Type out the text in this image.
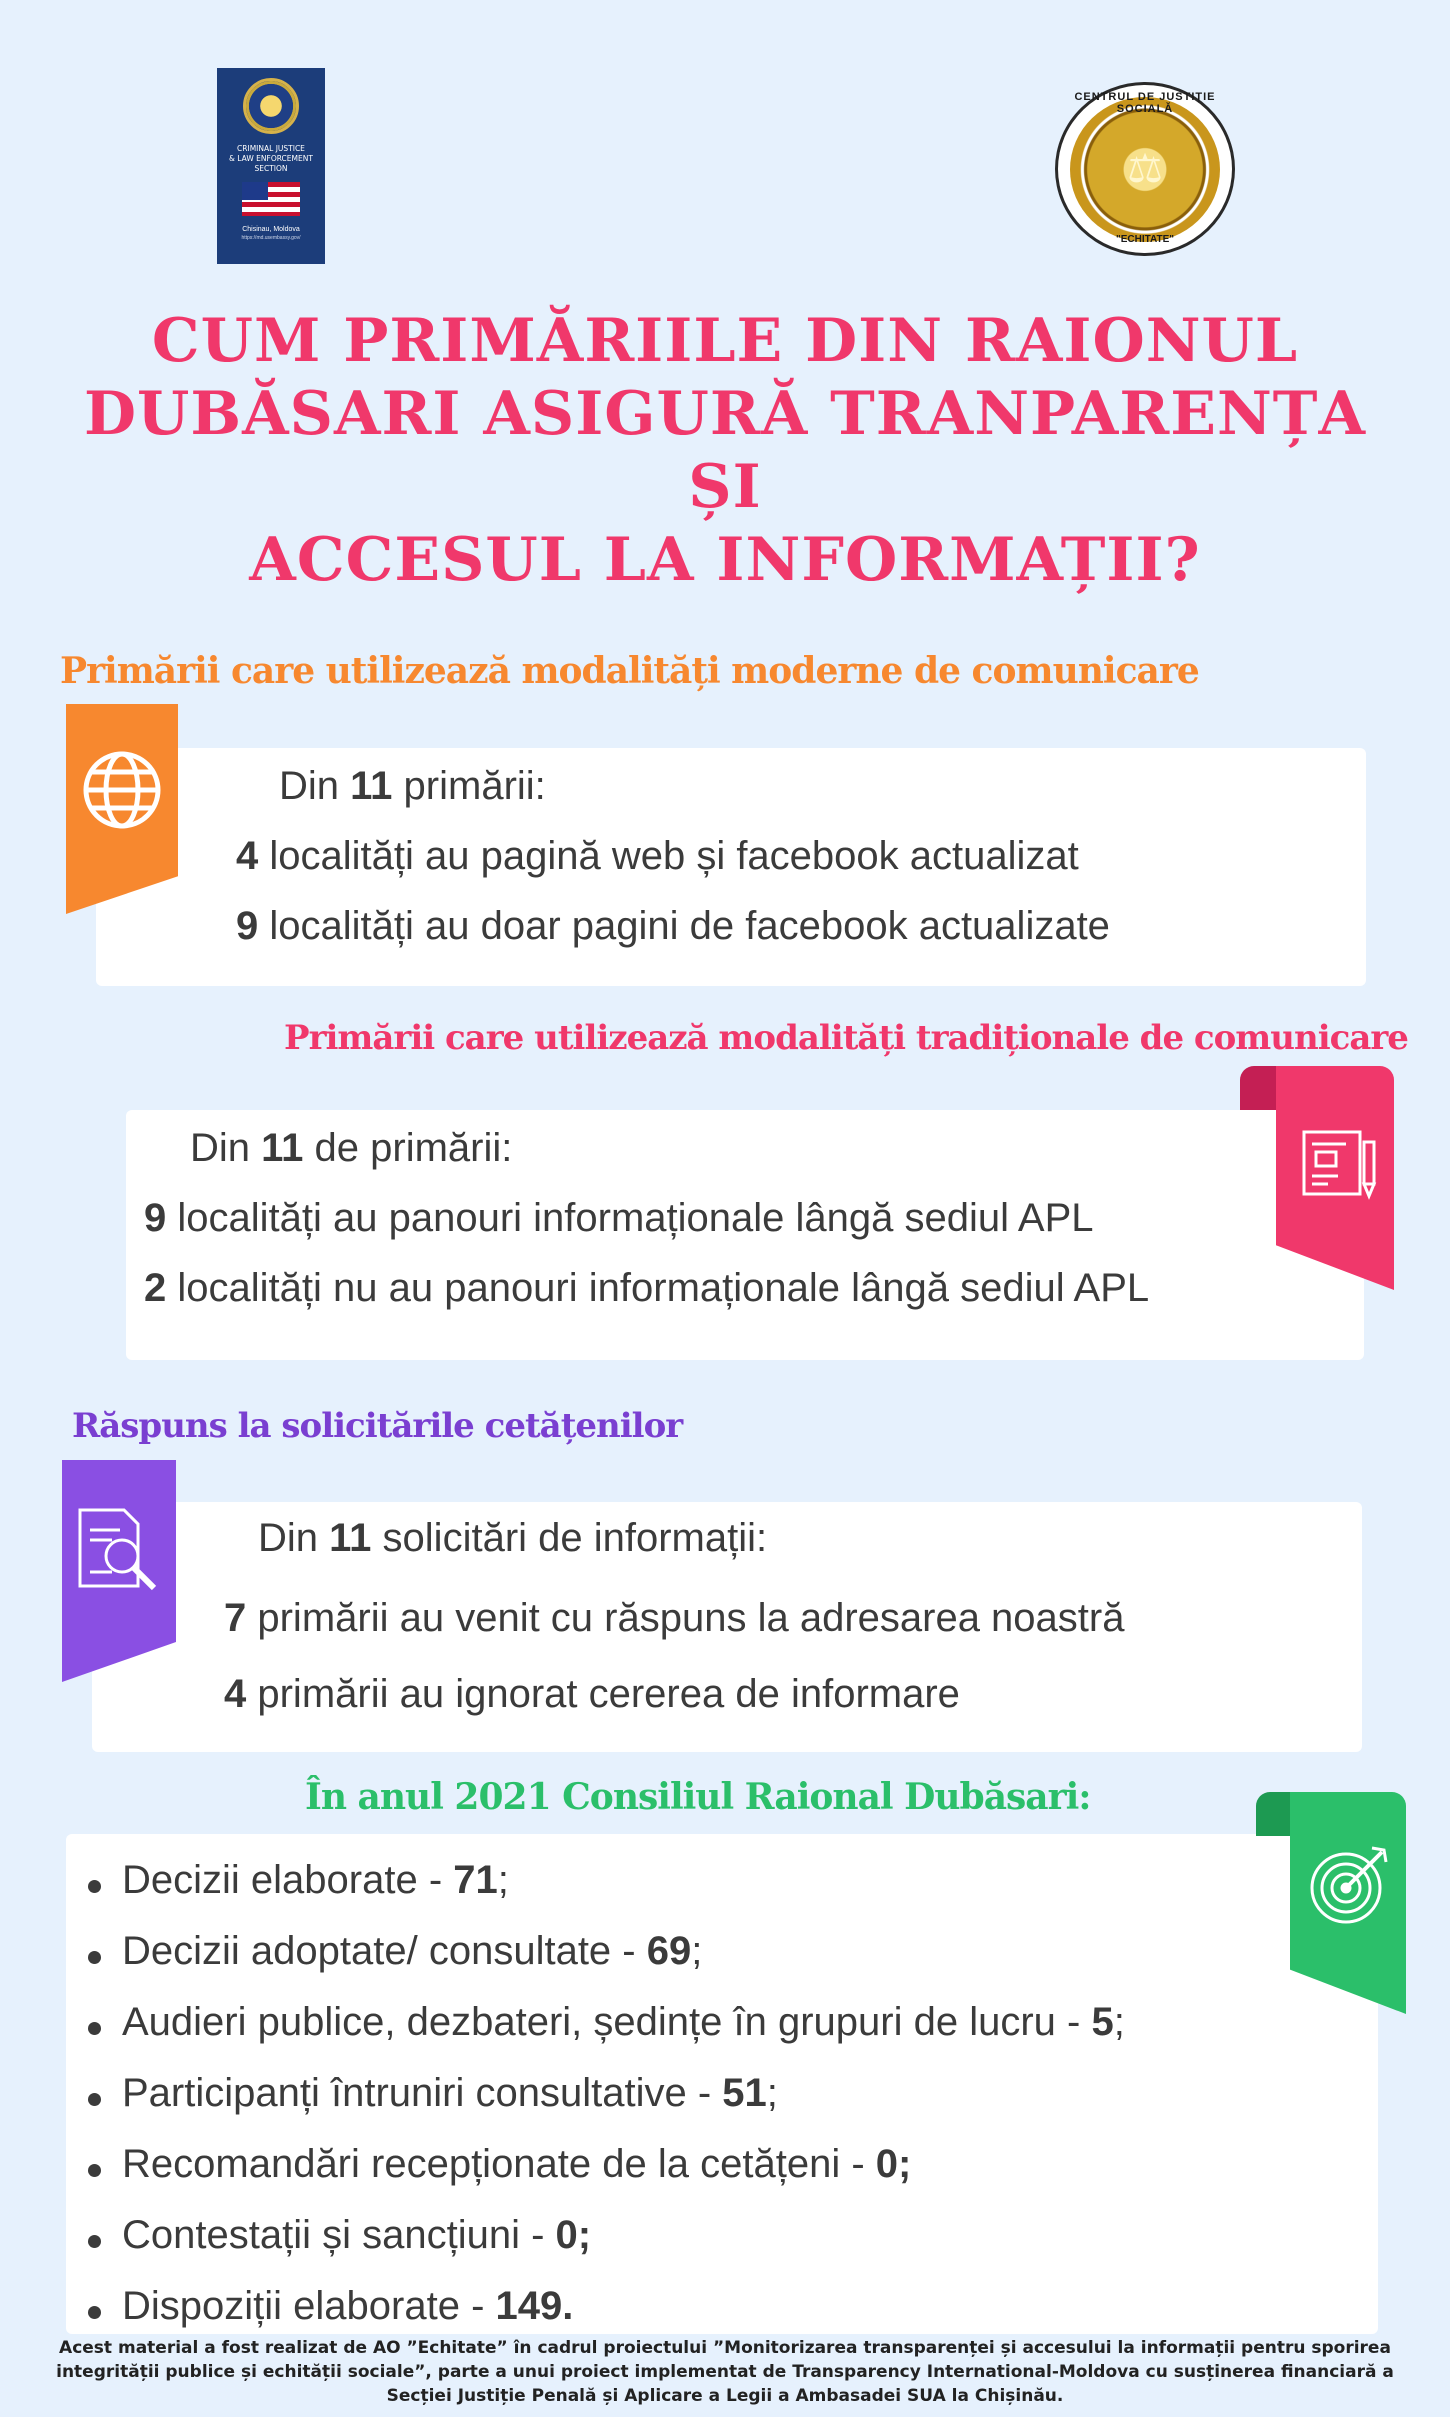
CRIMINAL JUSTICE
& LAW ENFORCEMENT
SECTION
Chisinau, Moldova
https://md.usembassy.gov/
CENTRUL DE JUSTIȚIE SOCIALĂ
⚖
"ECHITATE"
CUM PRIMĂRIILE DIN RAIONUL
DUBĂSARI ASIGURĂ TRANPARENȚA ȘI
ACCESUL LA INFORMAȚII?
Primării care utilizează modalități moderne de comunicare
Din 11 primării:
4 localități au pagină web și facebook actualizat
9 localități au doar pagini de facebook actualizate
Primării care utilizează modalități tradiționale de comunicare
Din 11 de primării:
9 localități au panouri informaționale lângă sediul APL
2 localități nu au panouri informaționale lângă sediul APL
Răspuns la solicitările cetățenilor
Din 11 solicitări de informații:
7 primării au venit cu răspuns la adresarea noastră
4 primării au ignorat cererea de informare
În anul 2021 Consiliul Raional Dubăsari:
Decizii elaborate - 71;
Decizii adoptate/ consultate - 69;
Audieri publice, dezbateri, ședințe în grupuri de lucru - 5;
Participanți întruniri consultative - 51;
Recomandări recepționate de la cetățeni - 0;
Contestații și sancțiuni - 0;
Dispoziții elaborate - 149.
Acest material a fost realizat de AO ”Echitate” în cadrul proiectului ”Monitorizarea transparenței și accesului la informații pentru sporirea
integrității publice și echității sociale”, parte a unui proiect implementat de Transparency International-Moldova cu susținerea financiară a
Secției Justiție Penală și Aplicare a Legii a Ambasadei SUA la Chișinău.
